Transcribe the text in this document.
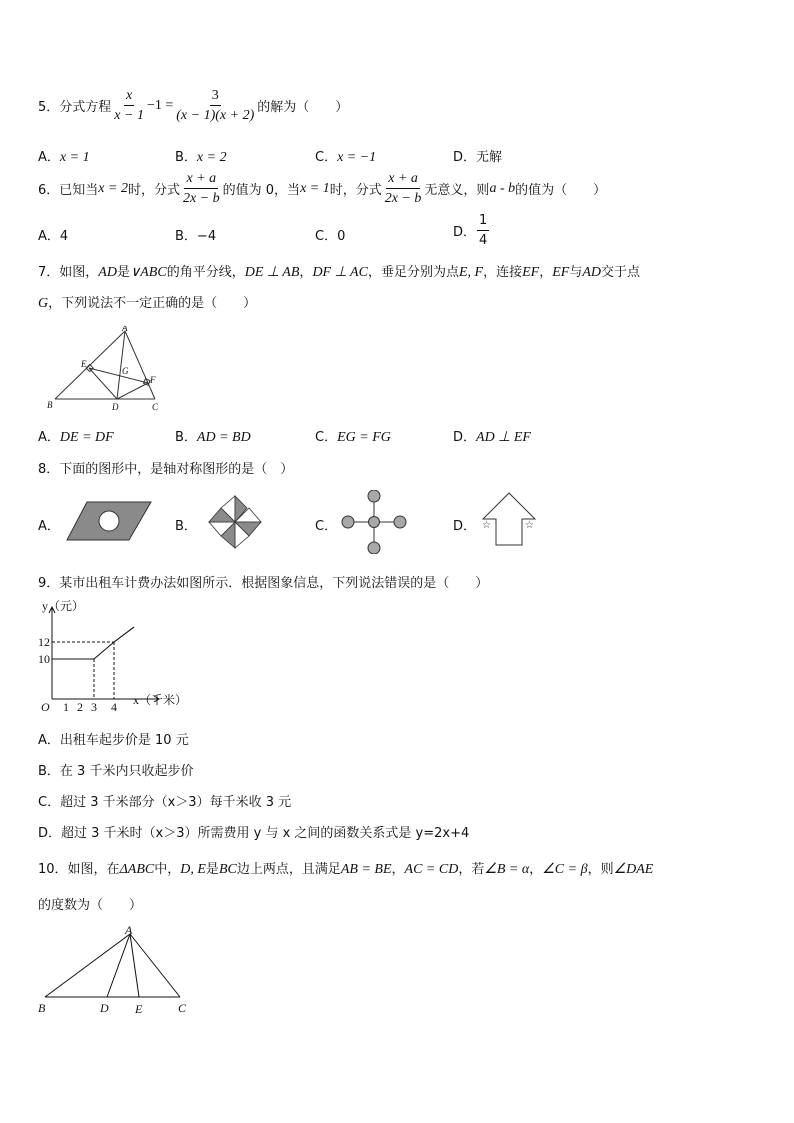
5． 分式方程 $\frac{x}{x - 1} -1 = \frac{3}{(x - 1)(x + 2)}$ 的解为（　　）
A．x = 1	B．x = 2	C．x = −1	D．无解
6． 已知当 x = 2 时，分式 $\frac{x + a}{2x - b}$ 的值为 0，当 x = 1 时，分式 $\frac{x + a}{2x - b}$ 无意义，则 a - b 的值为（　　）
A．4	B．−4	C．0	D． $\frac{1}{4}$
7．如图，AD是∨ABC的角平分线，DE ⊥ AB，DF ⊥ AC，垂足分别为点E, F，连接EF，EF与AD交于点
G，下列说法不一定正确的是（　　）
A
B	C
D
E
F
G
A．DE = DF	B．AD = BD	C．EG = FG	D．AD ⊥ EF
8．下面的图形中，是轴对称图形的是（　）
A．	B．	C．	D． ☆	☆
9．某市出租车计费办法如图所示．根据图象信息，下列说法错误的是（　　）
y（元）
x（千米）
12
10
O 1 2 3 4
A．出租车起步价是 10 元
B．在 3 千米内只收起步价
C．超过 3 千米部分（x＞3）每千米收 3 元
D．超过 3 千米时（x＞3）所需费用 y 与 x 之间的函数关系式是 y=2x+4
10．如图，在ΔABC中，D, E是BC边上两点，且满足AB = BE，AC = CD，若∠B = α，∠C = β，则∠DAE
的度数为（　　）
A
B	D E	C
